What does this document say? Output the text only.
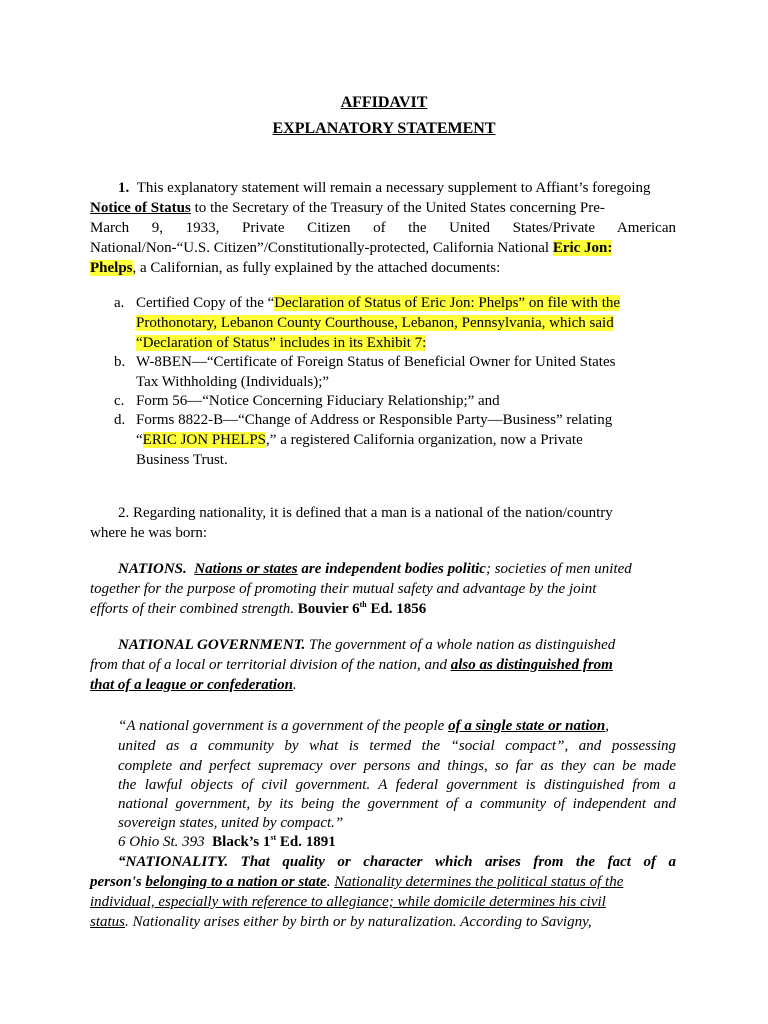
AFFIDAVIT
EXPLANATORY STATEMENT
1. This explanatory statement will remain a necessary supplement to Affiant’s foregoing
Notice of Status to the Secretary of the Treasury of the United States concerning Pre-
March 9, 1933, Private Citizen of the United States/Private American
National/Non-“U.S. Citizen”/Constitutionally-protected, California National Eric Jon:
Phelps, a Californian, as fully explained by the attached documents:
a. Certified Copy of the “Declaration of Status of Eric Jon: Phelps” on file with the
Prothonotary, Lebanon County Courthouse, Lebanon, Pennsylvania, which said
“Declaration of Status” includes in its Exhibit 7:
b. W-8BEN—“Certificate of Foreign Status of Beneficial Owner for United States
Tax Withholding (Individuals);”
c. Form 56—“Notice Concerning Fiduciary Relationship;” and
d. Forms 8822-B—“Change of Address or Responsible Party—Business” relating
“ERIC JON PHELPS,” a registered California organization, now a Private
Business Trust.
2. Regarding nationality, it is defined that a man is a national of the nation/country
where he was born:
NATIONS. Nations or states are independent bodies politic; societies of men united
together for the purpose of promoting their mutual safety and advantage by the joint
efforts of their combined strength. Bouvier 6th Ed. 1856
NATIONAL GOVERNMENT. The government of a whole nation as distinguished
from that of a local or territorial division of the nation, and also as distinguished from
that of a league or confederation.
“A national government is a government of the people of a single state or nation,
united as a community by what is termed the “social compact”, and possessing
complete and perfect supremacy over persons and things, so far as they can be made
the lawful objects of civil government. A federal government is distinguished from a
national government, by its being the government of a community of independent and
sovereign states, united by compact.”
6 Ohio St. 393 Black’s 1st Ed. 1891
“NATIONALITY. That quality or character which arises from the fact of a
person's belonging to a nation or state. Nationality determines the political status of the
individual, especially with reference to allegiance; while domicile determines his civil
status. Nationality arises either by birth or by naturalization. According to Savigny,
